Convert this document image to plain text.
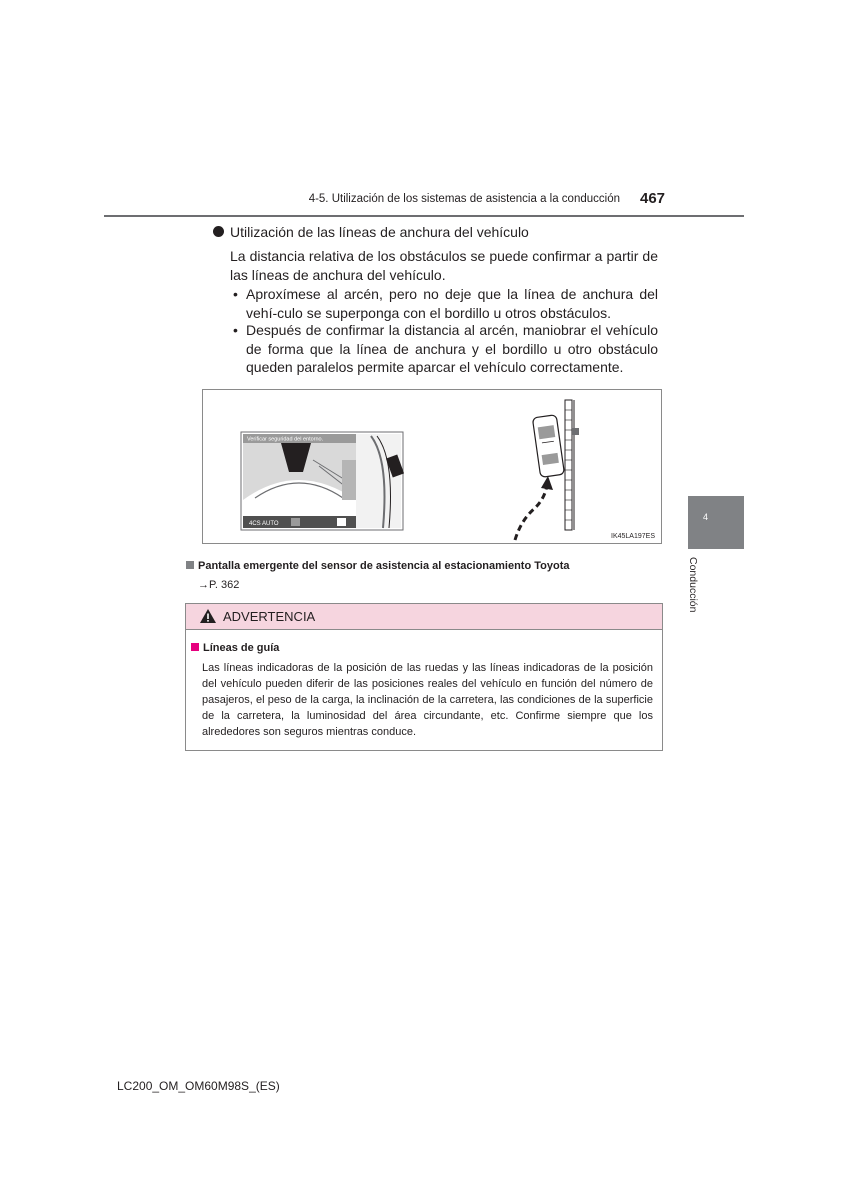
4-5. Utilización de los sistemas de asistencia a la conducción 467
Utilización de las líneas de anchura del vehículo
La distancia relativa de los obstáculos se puede confirmar a partir de las líneas de anchura del vehículo.
• Aproxímese al arcén, pero no deje que la línea de anchura del vehí-culo se superponga con el bordillo u otros obstáculos.
• Después de confirmar la distancia al arcén, maniobrar el vehículo de forma que la línea de anchura y el bordillo u otro obstáculo queden paralelos permite aparcar el vehículo correctamente.
Verificar seguridad del entorno.
4CS AUTO
IK45LA197ES
Pantalla emergente del sensor de asistencia al estacionamiento Toyota
→P. 362
ADVERTENCIA
Líneas de guía
Las líneas indicadoras de la posición de las ruedas y las líneas indicadoras de la posición del vehículo pueden diferir de las posiciones reales del vehículo en función del número de pasajeros, el peso de la carga, la inclinación de la carretera, las condiciones de la superficie de la carretera, la luminosidad del área circundante, etc. Confirme siempre que los alrededores son seguros mientras conduce.
4
Conducción
LC200_OM_OM60M98S_(ES)
